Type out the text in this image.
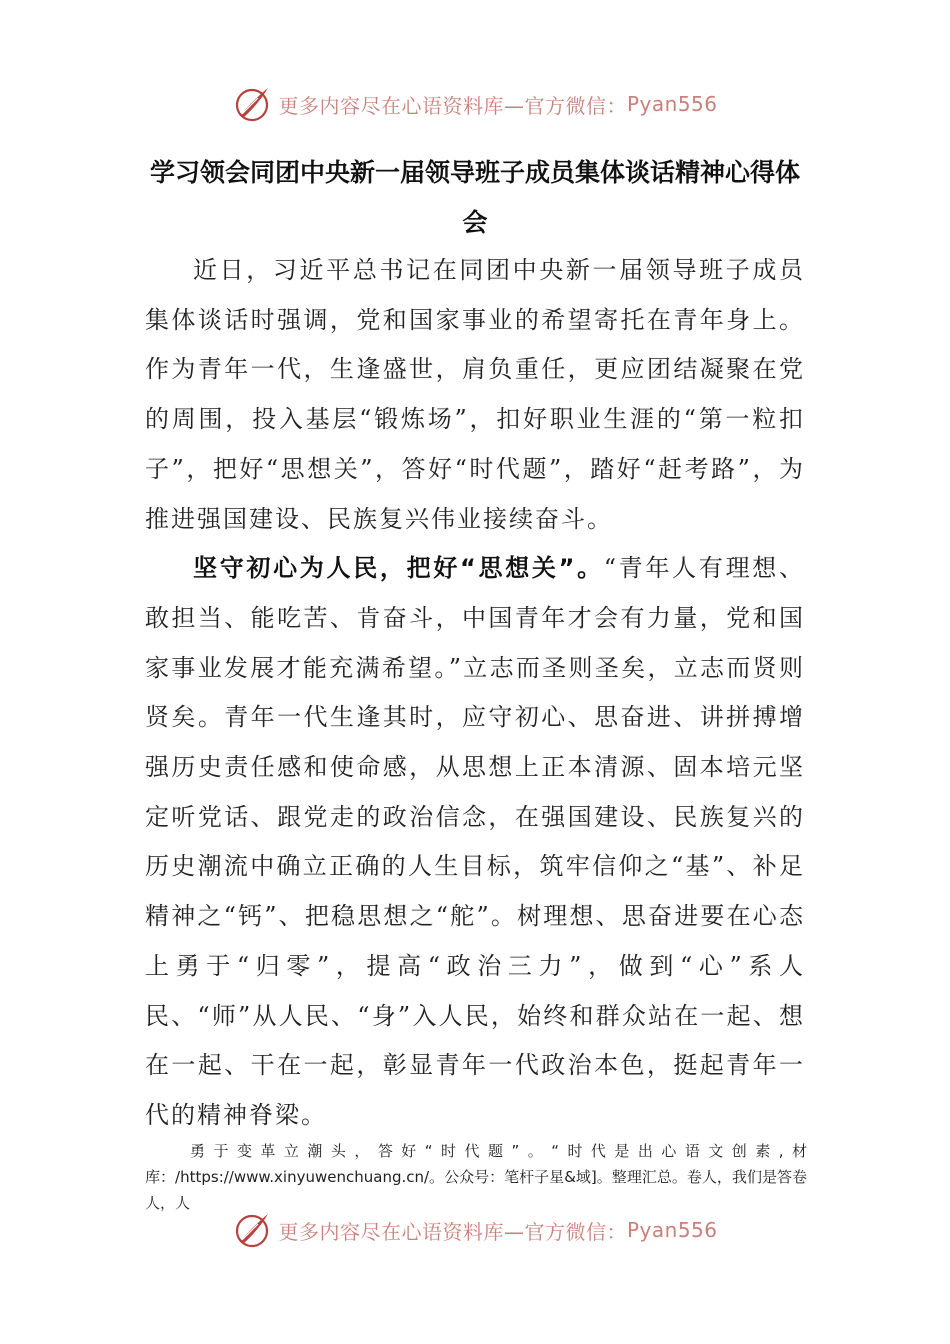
更多内容尽在心语资料库—官方微信： Pyan556
学习领会同团中央新一届领导班子成员集体谈话精神心得体会

近日，习近平总书记在同团中央新一届领导班子成员集体谈话时强调，党和国家事业的希望寄托在青年身上。作为青年一代，生逢盛世，肩负重任，更应团结凝聚在党的周围，投入基层“锻炼场”，扣好职业生涯的“第一粒扣子”，把好“思想关”，答好“时代题”，踏好“赶考路”，为推进强国建设、民族复兴伟业接续奋斗。

坚守初心为人民，把好“思想关”。“青年人有理想、敢担当、能吃苦、肯奋斗，中国青年才会有力量，党和国家事业发展才能充满希望。”立志而圣则圣矣，立志而贤则贤矣。青年一代生逢其时，应守初心、思奋进、讲拼搏增强历史责任感和使命感，从思想上正本清源、固本培元坚定听党话、跟党走的政治信念，在强国建设、民族复兴的历史潮流中确立正确的人生目标，筑牢信仰之“基”、补足精神之“钙”、把稳思想之“舵”。树理想、思奋进要在心态上勇于“归零”，提高“政治三力”，做到“心”系人民、“师”从人民、“身”入人民，始终和群众站在一起、想在一起、干在一起，彰显青年一代政治本色，挺起青年一代的精神脊梁。

勇于变革立潮头，答好“时代题”。“时代是出心语文创素,材库：/https://www.xinyuwenchuang.cn/。公众号：笔杆子星&域]。整理汇总。卷人，我们是答卷人，人

更多内容尽在心语资料库—官方微信： Pyan556
